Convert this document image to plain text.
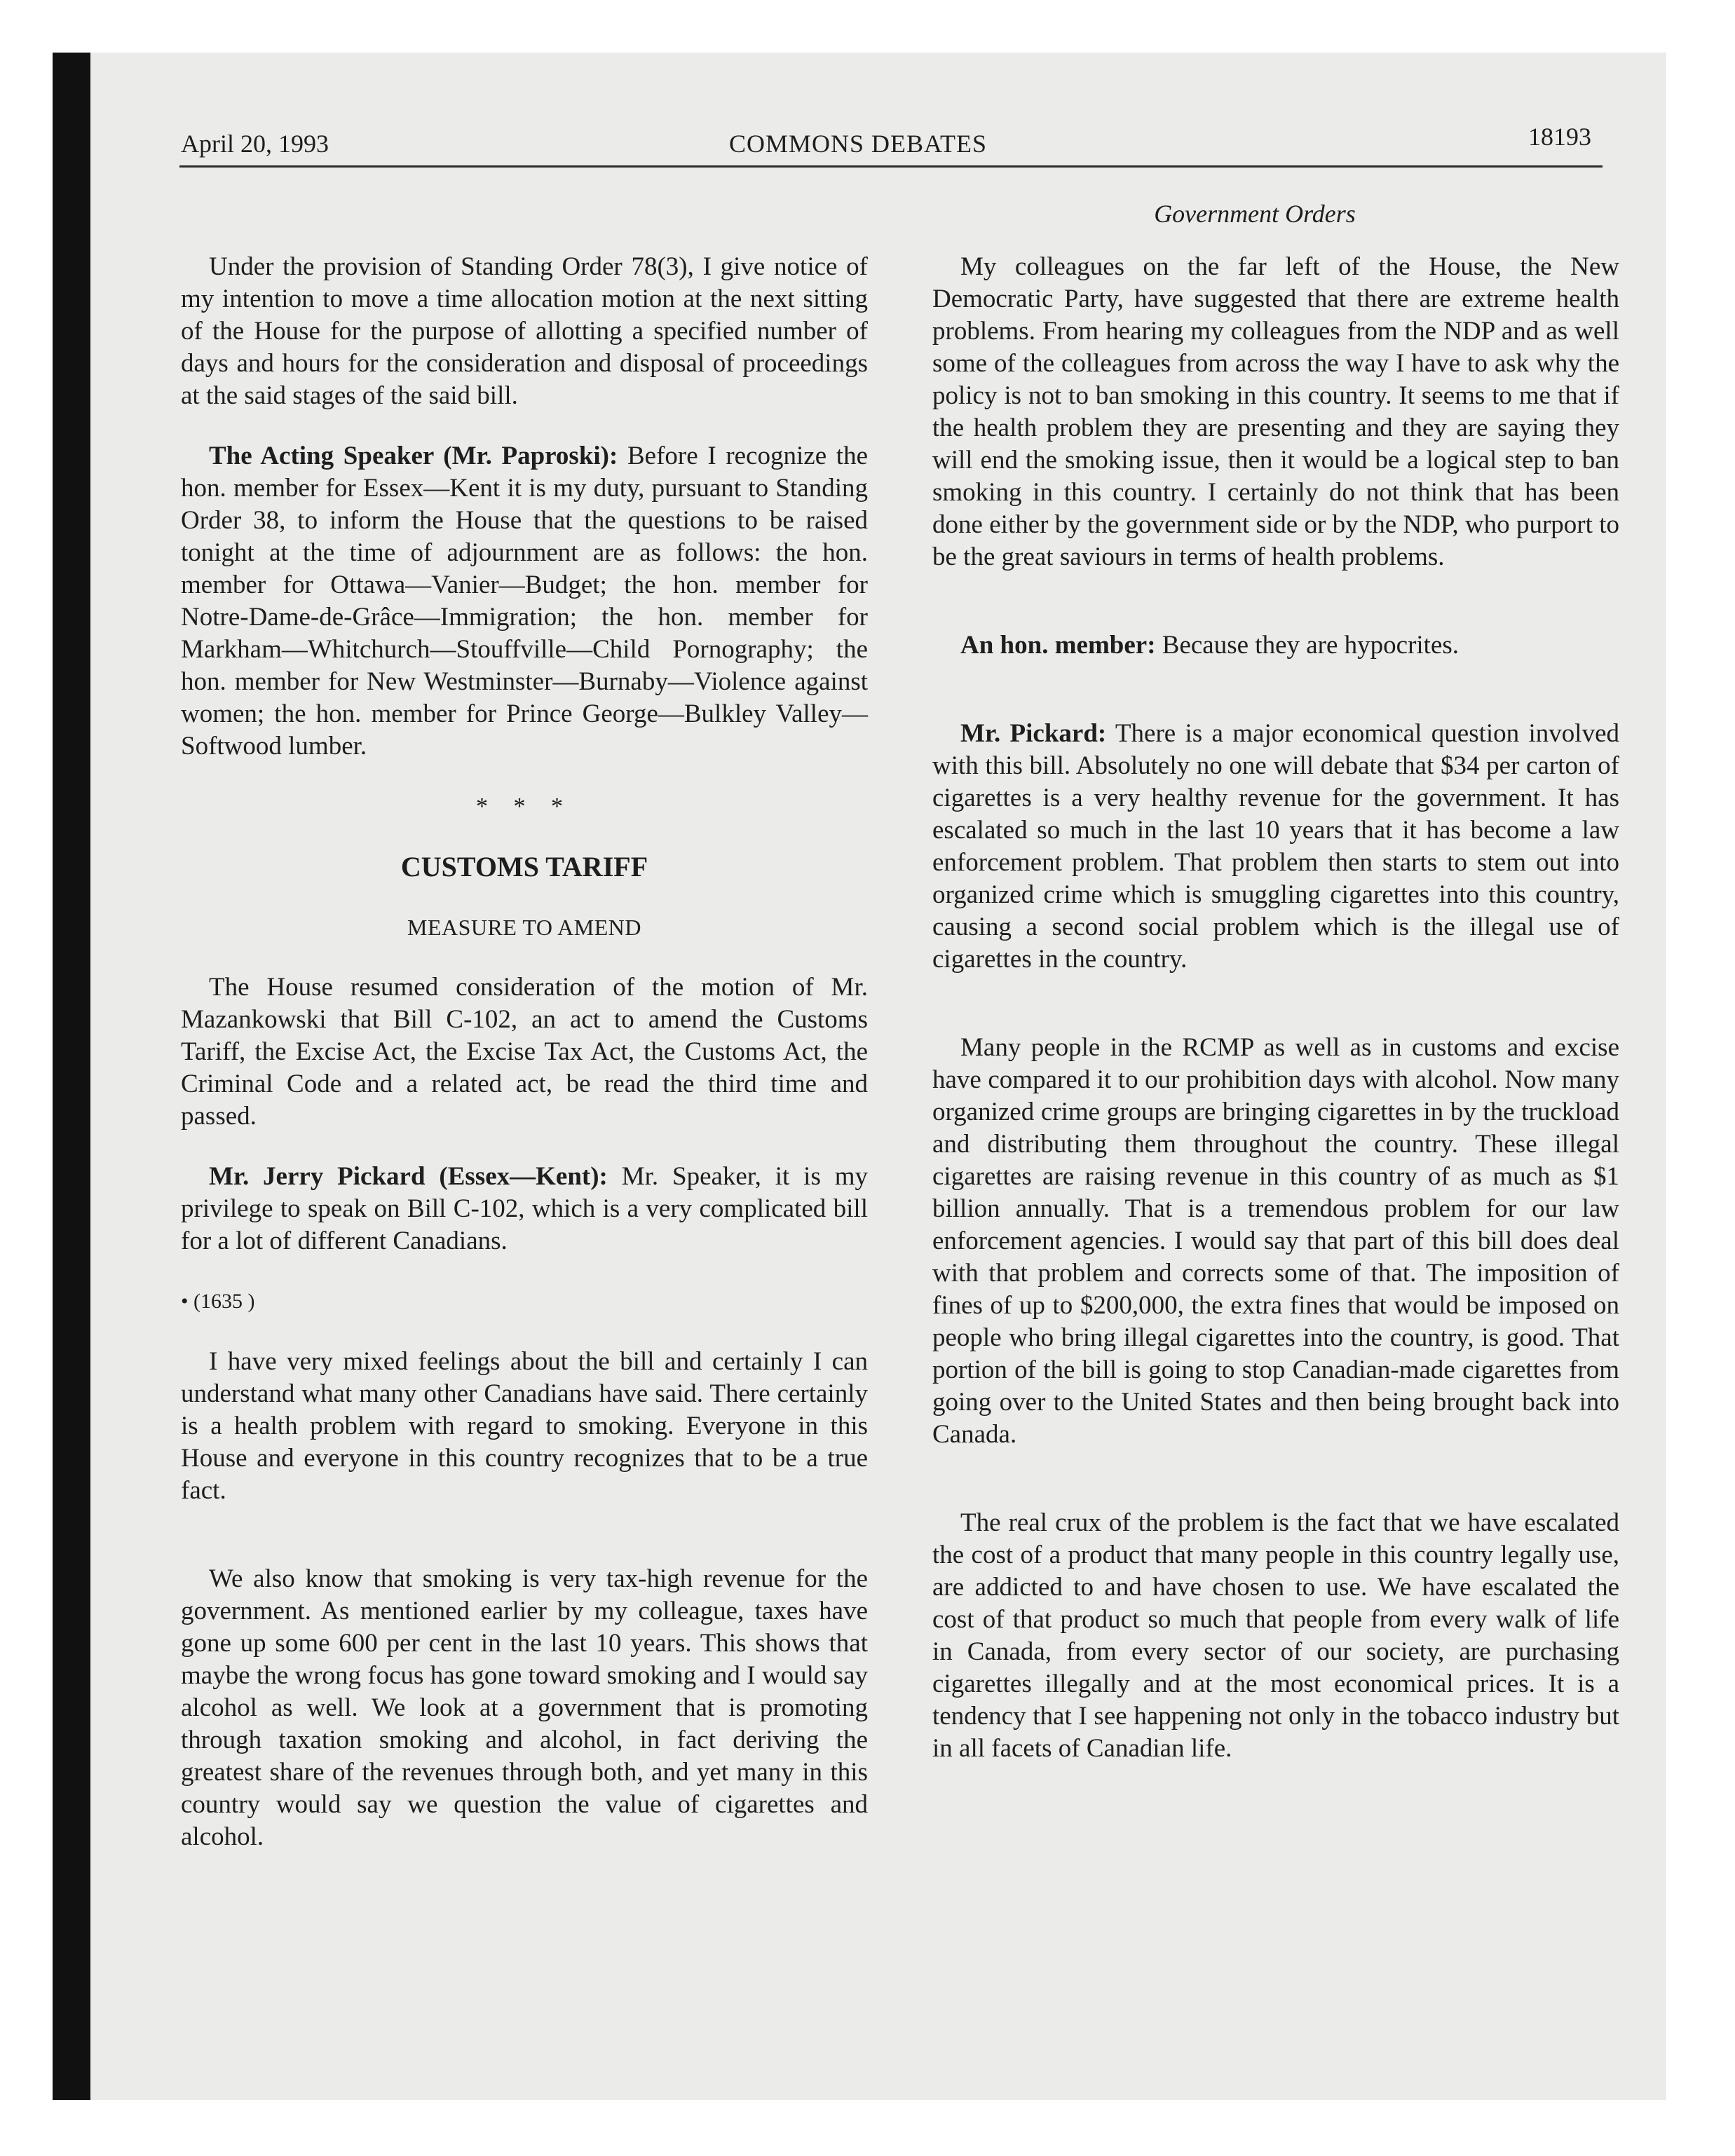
April 20, 1993	COMMONS DEBATES	18193
Government Orders

Under the provision of Standing Order 78(3), I give notice of my intention to move a time allocation motion at the next sitting of the House for the purpose of allotting a specified number of days and hours for the consideration and disposal of proceedings at the said stages of the said bill.

The Acting Speaker (Mr. Paproski): Before I recognize the hon. member for Essex—Kent it is my duty, pursuant to Standing Order 38, to inform the House that the questions to be raised tonight at the time of adjournment are as follows: the hon. member for Ottawa—Vanier—Budget; the hon. member for Notre-Dame-de-Grâce—Immigration; the hon. member for Markham—Whitchurch—Stouffville—Child Pornography; the hon. member for New Westminster—Burnaby—Violence against women; the hon. member for Prince George—Bulkley Valley—Softwood lumber.

* * *
CUSTOMS TARIFF
MEASURE TO AMEND

The House resumed consideration of the motion of Mr. Mazankowski that Bill C-102, an act to amend the Customs Tariff, the Excise Act, the Excise Tax Act, the Customs Act, the Criminal Code and a related act, be read the third time and passed.

Mr. Jerry Pickard (Essex—Kent): Mr. Speaker, it is my privilege to speak on Bill C-102, which is a very complicated bill for a lot of different Canadians.

• (1635 )

I have very mixed feelings about the bill and certainly I can understand what many other Canadians have said. There certainly is a health problem with regard to smoking. Everyone in this House and everyone in this country recognizes that to be a true fact.

We also know that smoking is very tax-high revenue for the government. As mentioned earlier by my colleague, taxes have gone up some 600 per cent in the last 10 years. This shows that maybe the wrong focus has gone toward smoking and I would say alcohol as well. We look at a government that is promoting through taxation smoking and alcohol, in fact deriving the greatest share of the revenues through both, and yet many in this country would say we question the value of cigarettes and alcohol.

My colleagues on the far left of the House, the New Democratic Party, have suggested that there are extreme health problems. From hearing my colleagues from the NDP and as well some of the colleagues from across the way I have to ask why the policy is not to ban smoking in this country. It seems to me that if the health problem they are presenting and they are saying they will end the smoking issue, then it would be a logical step to ban smoking in this country. I certainly do not think that has been done either by the government side or by the NDP, who purport to be the great saviours in terms of health problems.

An hon. member: Because they are hypocrites.

Mr. Pickard: There is a major economical question involved with this bill. Absolutely no one will debate that $34 per carton of cigarettes is a very healthy revenue for the government. It has escalated so much in the last 10 years that it has become a law enforcement problem. That problem then starts to stem out into organized crime which is smuggling cigarettes into this country, causing a second social problem which is the illegal use of cigarettes in the country.

Many people in the RCMP as well as in customs and excise have compared it to our prohibition days with alcohol. Now many organized crime groups are bringing cigarettes in by the truckload and distributing them throughout the country. These illegal cigarettes are raising revenue in this country of as much as $1 billion annually. That is a tremendous problem for our law enforcement agencies. I would say that part of this bill does deal with that problem and corrects some of that. The imposition of fines of up to $200,000, the extra fines that would be imposed on people who bring illegal cigarettes into the country, is good. That portion of the bill is going to stop Canadian-made cigarettes from going over to the United States and then being brought back into Canada.

The real crux of the problem is the fact that we have escalated the cost of a product that many people in this country legally use, are addicted to and have chosen to use. We have escalated the cost of that product so much that people from every walk of life in Canada, from every sector of our society, are purchasing cigarettes illegally and at the most economical prices. It is a tendency that I see happening not only in the tobacco industry but in all facets of Canadian life.
